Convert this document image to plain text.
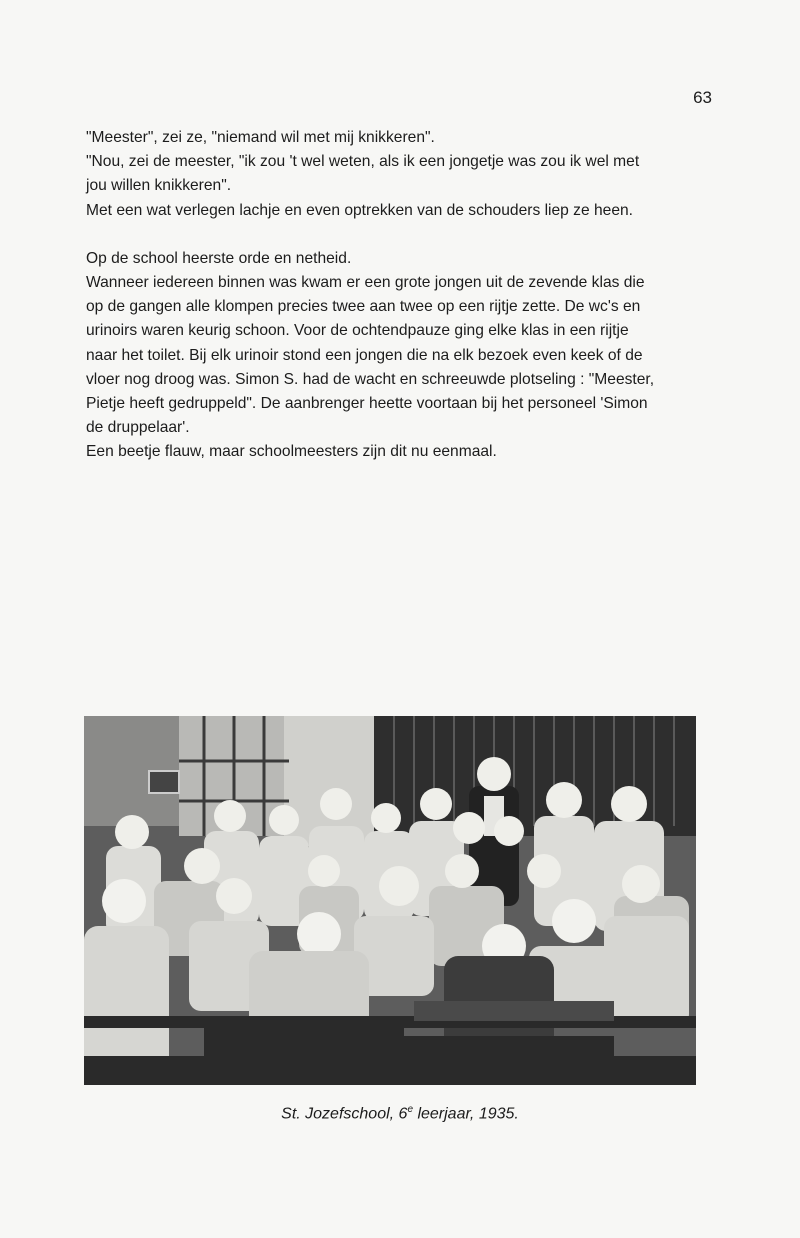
63

"Meester", zei ze, "niemand wil met mij knikkeren".

"Nou, zei de meester, "ik zou 't wel weten, als ik een jongetje was zou ik wel met

jou willen knikkeren".

Met een wat verlegen lachje en even optrekken van de schouders liep ze heen.

Op de school heerste orde en netheid.

Wanneer iedereen binnen was kwam er een grote jongen uit de zevende klas die

op de gangen alle klompen precies twee aan twee op een rijtje zette. De wc's en

urinoirs waren keurig schoon. Voor de ochtendpauze ging elke klas in een rijtje

naar het toilet. Bij elk urinoir stond een jongen die na elk bezoek even keek of de

vloer nog droog was. Simon S. had de wacht en schreeuwde plotseling : "Meester,

Pietje heeft gedruppeld". De aanbrenger heette voortaan bij het personeel 'Simon

de druppelaar'.

Een beetje flauw, maar schoolmeesters zijn dit nu eenmaal.

St. Jozefschool, 6e leerjaar, 1935.
